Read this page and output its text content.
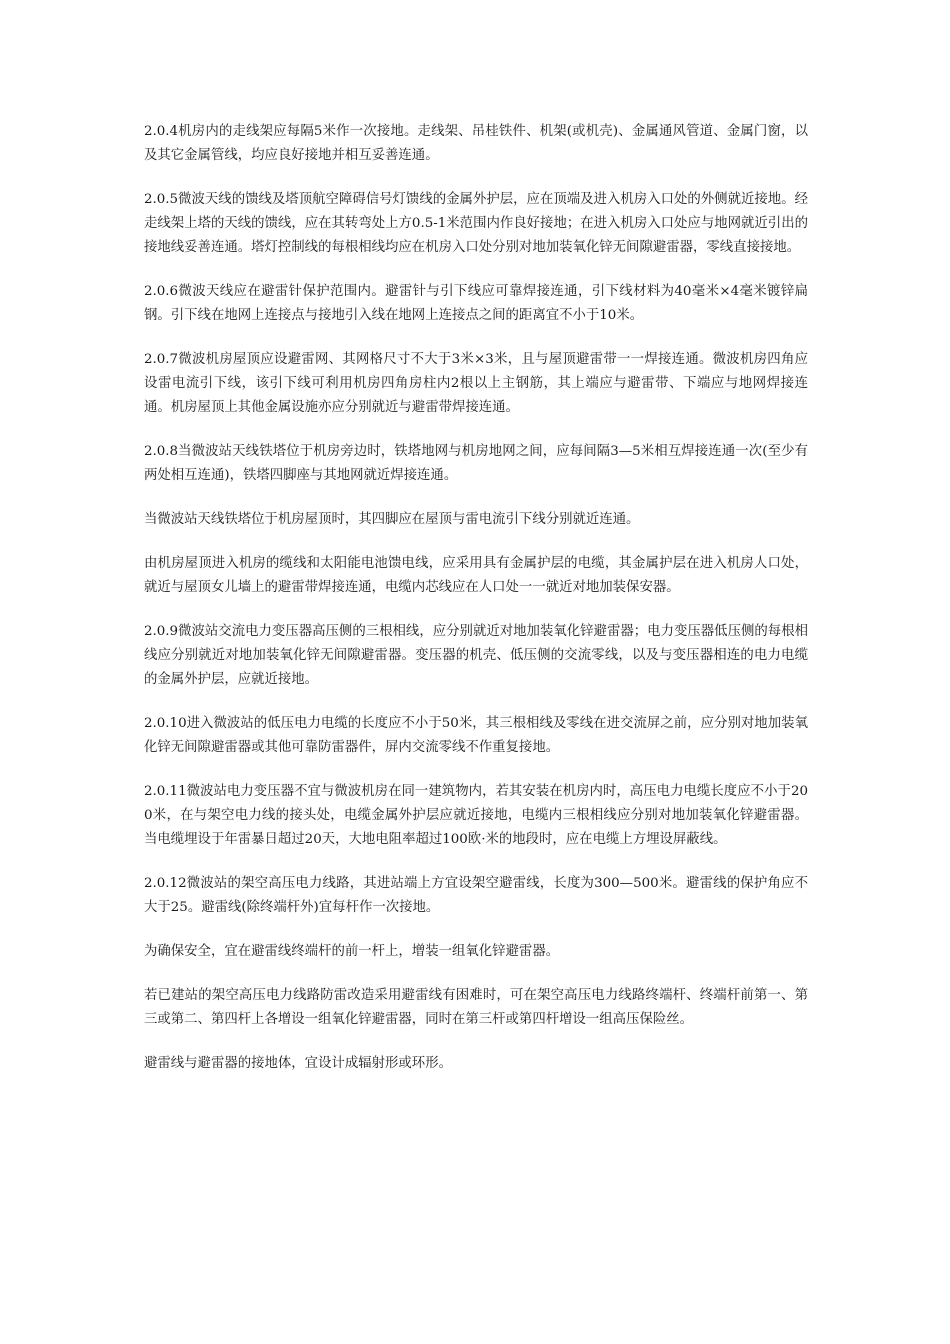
2.0.4机房内的走线架应每隔5米作一次接地。走线架、吊桂铁件、机架(或机壳)、金属通风管道、金属门窗，以及其它金属管线，均应良好接地并相互妥善连通。

2.0.5微波天线的馈线及塔顶航空障碍信号灯馈线的金属外护层，应在顶端及进入机房入口处的外侧就近接地。经走线架上塔的天线的馈线，应在其转弯处上方0.5-1米范围内作良好接地；在进入机房入口处应与地网就近引出的接地线妥善连通。塔灯控制线的每根相线均应在机房入口处分别对地加装氧化锌无间隙避雷器，零线直接接地。

2.0.6微波天线应在避雷针保护范围内。避雷针与引下线应可靠焊接连通，引下线材料为40毫米×4毫米镀锌扁钢。引下线在地网上连接点与接地引入线在地网上连接点之间的距离宜不小于10米。

2.0.7微波机房屋顶应设避雷网、其网格尺寸不大于3米×3米，且与屋顶避雷带一一焊接连通。微波机房四角应设雷电流引下线，该引下线可利用机房四角房柱内2根以上主钢筋，其上端应与避雷带、下端应与地网焊接连通。机房屋顶上其他金属设施亦应分别就近与避雷带焊接连通。

2.0.8当微波站天线铁塔位于机房旁边时，铁塔地网与机房地网之间，应每间隔3—5米相互焊接连通一次(至少有两处相互连通)，铁塔四脚座与其地网就近焊接连通。

当微波站天线铁塔位于机房屋顶时，其四脚应在屋顶与雷电流引下线分别就近连通。

由机房屋顶进入机房的缆线和太阳能电池馈电线，应采用具有金属护层的电缆，其金属护层在进入机房人口处，就近与屋顶女儿墙上的避雷带焊接连通，电缆内芯线应在人口处一一就近对地加装保安器。

2.0.9微波站交流电力变压器高压侧的三根相线，应分别就近对地加装氧化锌避雷器；电力变压器低压侧的每根相线应分别就近对地加装氧化锌无间隙避雷器。变压器的机壳、低压侧的交流零线，以及与变压器相连的电力电缆的金属外护层，应就近接地。

2.0.10进入微波站的低压电力电缆的长度应不小于50米，其三根相线及零线在进交流屏之前，应分别对地加装氧化锌无间隙避雷器或其他可靠防雷器件，屏内交流零线不作重复接地。

2.0.11微波站电力变压器不宜与微波机房在同一建筑物内，若其安装在机房内时，高压电力电缆长度应不小于200米，在与架空电力线的接头处，电缆金属外护层应就近接地，电缆内三根相线应分别对地加装氧化锌避雷器。当电缆埋设于年雷暴日超过20天，大地电阻率超过100欧·米的地段时，应在电缆上方埋设屏蔽线。

2.0.12微波站的架空高压电力线路，其进站端上方宜设架空避雷线，长度为300—500米。避雷线的保护角应不大于25。避雷线(除终端杆外)宜每杆作一次接地。

为确保安全，宜在避雷线终端杆的前一杆上，增装一组氧化锌避雷器。

若已建站的架空高压电力线路防雷改造采用避雷线有困难时，可在架空高压电力线路终端杆、终端杆前第一、第三或第二、第四杆上各增设一组氧化锌避雷器，同时在第三杆或第四杆增设一组高压保险丝。

避雷线与避雷器的接地体，宜设计成辐射形或环形。
